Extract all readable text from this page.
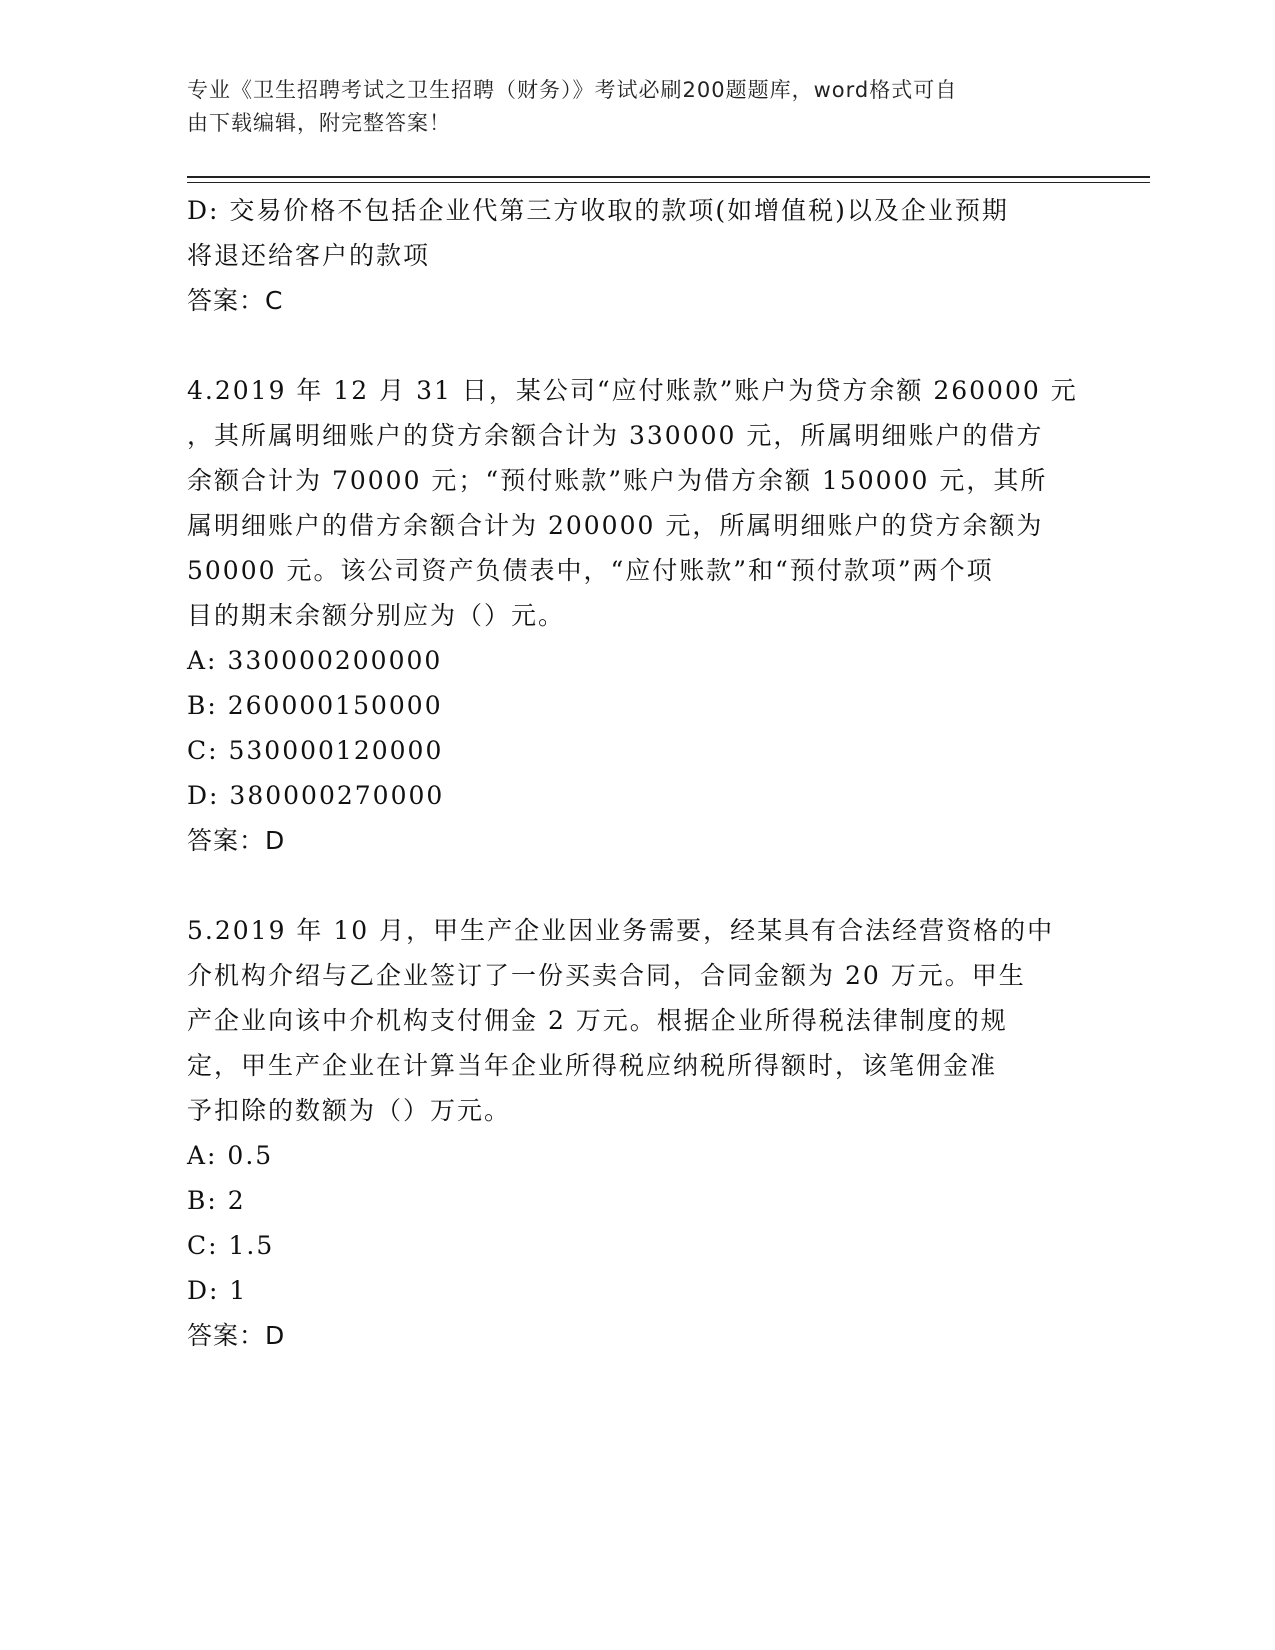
专业《卫生招聘考试之卫生招聘（财务）》考试必刷200题题库，word格式可自
由下载编辑，附完整答案！
D: 交易价格不包括企业代第三方收取的款项(如增值税)以及企业预期
将退还给客户的款项
答案：C
4.2019 年 12 月 31 日，某公司“应付账款”账户为贷方余额 260000 元
，其所属明细账户的贷方余额合计为 330000 元，所属明细账户的借方
余额合计为 70000 元；“预付账款”账户为借方余额 150000 元，其所
属明细账户的借方余额合计为 200000 元，所属明细账户的贷方余额为
50000 元。该公司资产负债表中，“应付账款”和“预付款项”两个项
目的期末余额分别应为（）元。
A: 330000200000
B: 260000150000
C: 530000120000
D: 380000270000
答案：D
5.2019 年 10 月，甲生产企业因业务需要，经某具有合法经营资格的中
介机构介绍与乙企业签订了一份买卖合同，合同金额为 20 万元。甲生
产企业向该中介机构支付佣金 2 万元。根据企业所得税法律制度的规
定，甲生产企业在计算当年企业所得税应纳税所得额时，该笔佣金准
予扣除的数额为（）万元。
A: 0.5
B: 2
C: 1.5
D: 1
答案：D
